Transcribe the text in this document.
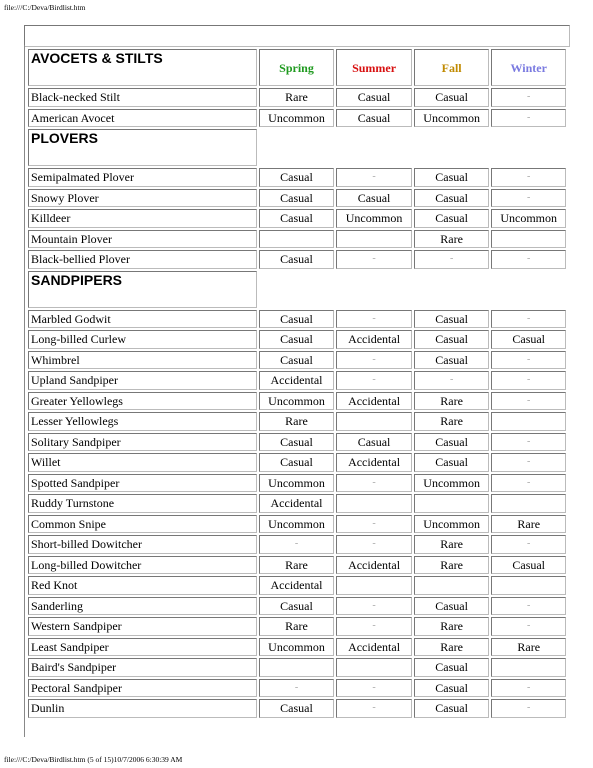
file:///C:/Deva/Birdlist.htm
AVOCETS & STILTS	Spring	Summer	Fall	Winter
Black-necked Stilt	Rare	Casual	Casual	-
American Avocet	Uncommon	Casual	Uncommon	-
PLOVERS				
Semipalmated Plover	Casual	-	Casual	-
Snowy Plover	Casual	Casual	Casual	-
Killdeer	Casual	Uncommon	Casual	Uncommon
Mountain Plover			Rare	
Black-bellied Plover	Casual	-	-	-
SANDPIPERS				
Marbled Godwit	Casual	-	Casual	-
Long-billed Curlew	Casual	Accidental	Casual	Casual
Whimbrel	Casual	-	Casual	-
Upland Sandpiper	Accidental	-	-	-
Greater Yellowlegs	Uncommon	Accidental	Rare	-
Lesser Yellowlegs	Rare		Rare	
Solitary Sandpiper	Casual	Casual	Casual	-
Willet	Casual	Accidental	Casual	-
Spotted Sandpiper	Uncommon	-	Uncommon	-
Ruddy Turnstone	Accidental			
Common Snipe	Uncommon	-	Uncommon	Rare
Short-billed Dowitcher	-	-	Rare	-
Long-billed Dowitcher	Rare	Accidental	Rare	Casual
Red Knot	Accidental			
Sanderling	Casual	-	Casual	-
Western Sandpiper	Rare	-	Rare	-
Least Sandpiper	Uncommon	Accidental	Rare	Rare
Baird's Sandpiper			Casual	
Pectoral Sandpiper	-	-	Casual	-
Dunlin	Casual	-	Casual	-
file:///C:/Deva/Birdlist.htm (5 of 15)10/7/2006 6:30:39 AM
